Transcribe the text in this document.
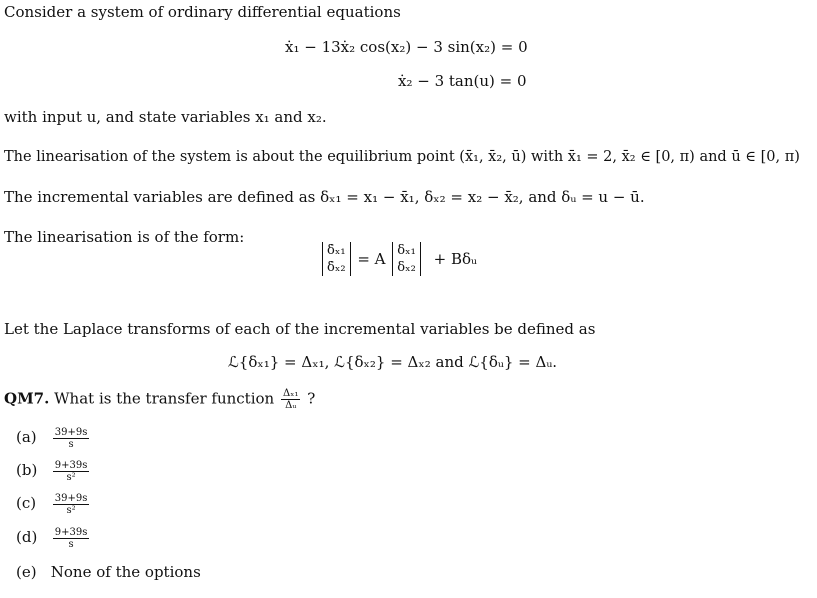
Consider a system of ordinary differential equations
ẋ₁ − 13ẋ₂ cos(x₂) − 3 sin(x₂) = 0
ẋ₂ − 3 tan(u) = 0
with input u, and state variables x₁ and x₂.
The linearisation of the system is about the equilibrium point (x̄₁, x̄₂, ū) with x̄₁ = 2, x̄₂ ∈ [0, π) and ū ∈ [0, π)
The incremental variables are defined as δₓ₁ = x₁ − x̄₁, δₓ₂ = x₂ − x̄₂, and δᵤ = u − ū.
The linearisation is of the form:
δ̇ₓ₁
δ̇ₓ₂ = A δₓ₁
δₓ₂ + Bδᵤ
Let the Laplace transforms of each of the incremental variables be defined as
ℒ{δₓ₁} = Δₓ₁, ℒ{δₓ₂} = Δₓ₂ and ℒ{δᵤ} = Δᵤ.
QM7. What is the transfer function $\frac{\text{Δₓ₁}}{\text{Δᵤ}}$ ?
$(a) \frac{39+9s}{s}$
$(b) \frac{9+39s}{\text{s²}}$
$(c) \frac{39+9s}{\text{s²}}$
$(d) \frac{9+39s}{s}$
(e) None of the options
